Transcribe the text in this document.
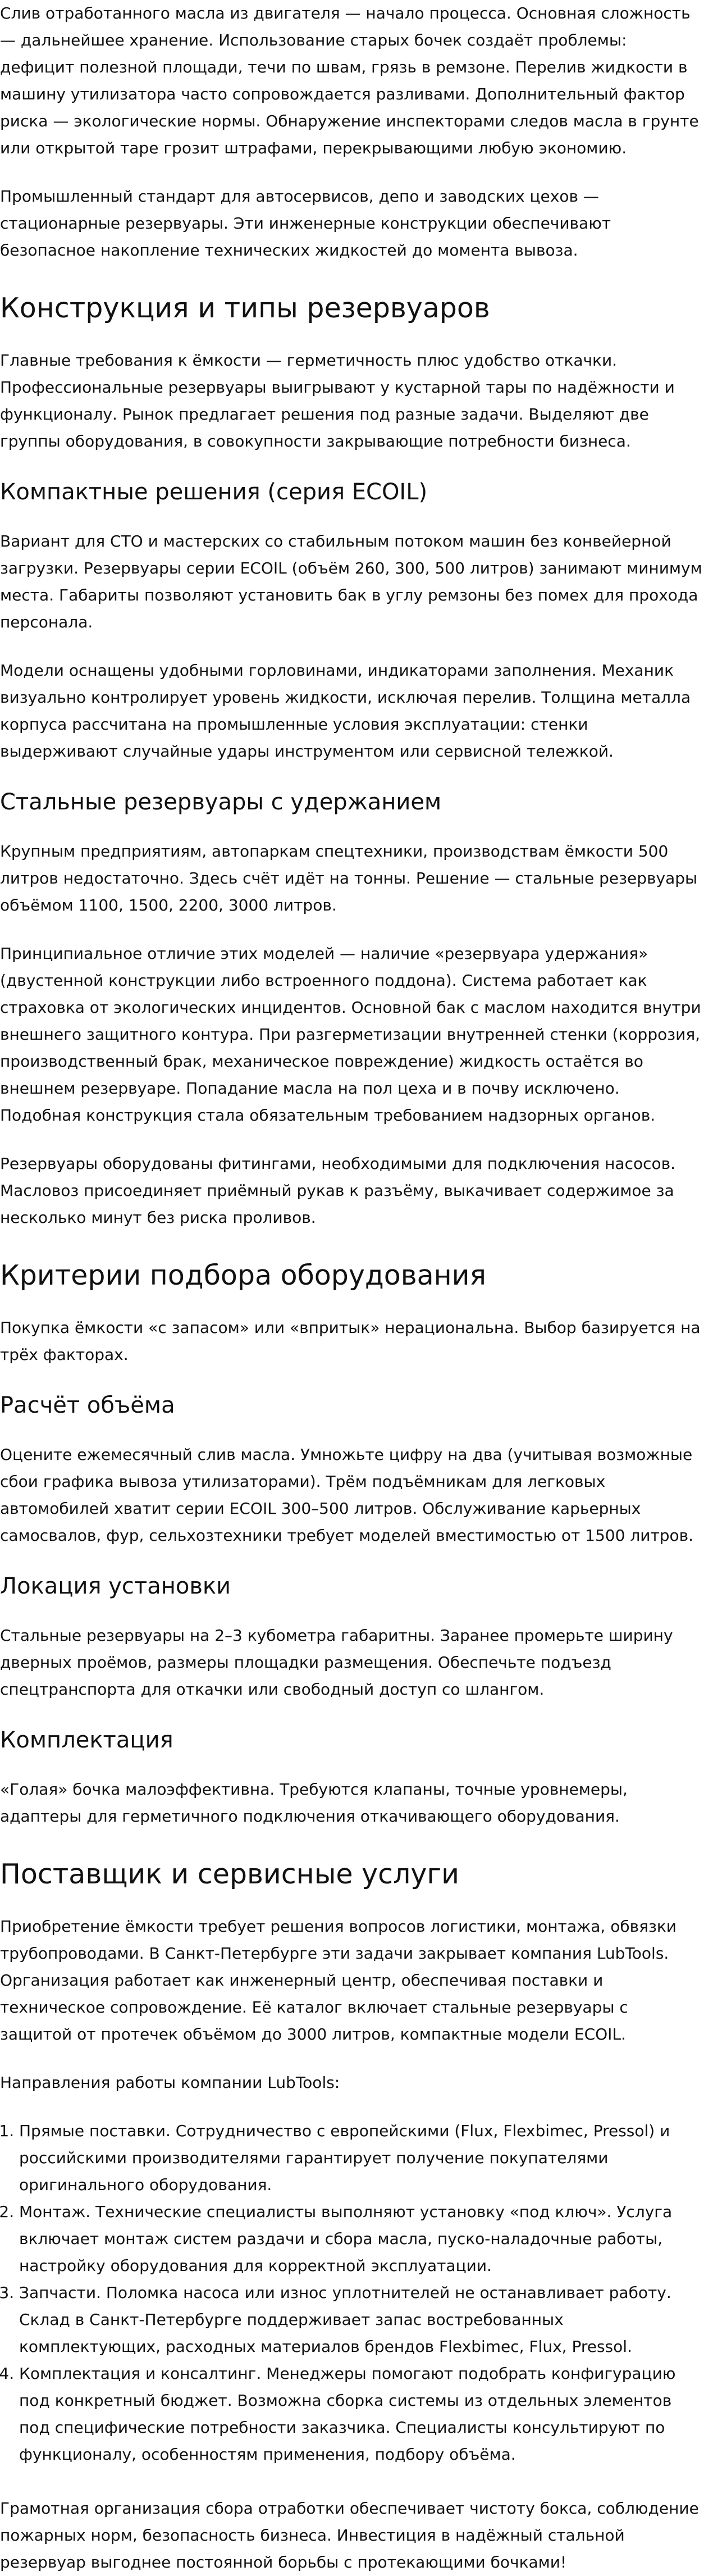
Слив отработанного масла из двигателя — начало процесса. Основная сложность — дальнейшее хранение. Использование старых бочек создаёт проблемы: дефицит полезной площади, течи по швам, грязь в ремзоне. Перелив жидкости в машину утилизатора часто сопровождается разливами. Дополнительный фактор риска — экологические нормы. Обнаружение инспекторами следов масла в грунте или открытой таре грозит штрафами, перекрывающими любую экономию.

Промышленный стандарт для автосервисов, депо и заводских цехов — стационарные резервуары. Эти инженерные конструкции обеспечивают безопасное накопление технических жидкостей до момента вывоза.

Конструкция и типы резервуаров

Главные требования к ёмкости — герметичность плюс удобство откачки. Профессиональные резервуары выигрывают у кустарной тары по надёжности и функционалу. Рынок предлагает решения под разные задачи. Выделяют две группы оборудования, в совокупности закрывающие потребности бизнеса.

Компактные решения (серия ECOIL)

Вариант для СТО и мастерских со стабильным потоком машин без конвейерной загрузки. Резервуары серии ECOIL (объём 260, 300, 500 литров) занимают минимум места. Габариты позволяют установить бак в углу ремзоны без помех для прохода персонала.

Модели оснащены удобными горловинами, индикаторами заполнения. Механик визуально контролирует уровень жидкости, исключая перелив. Толщина металла корпуса рассчитана на промышленные условия эксплуатации: стенки выдерживают случайные удары инструментом или сервисной тележкой.

Стальные резервуары с удержанием

Крупным предприятиям, автопаркам спецтехники, производствам ёмкости 500 литров недостаточно. Здесь счёт идёт на тонны. Решение — стальные резервуары объёмом 1100, 1500, 2200, 3000 литров.

Принципиальное отличие этих моделей — наличие «резервуара удержания» (двустенной конструкции либо встроенного поддона). Система работает как страховка от экологических инцидентов. Основной бак с маслом находится внутри внешнего защитного контура. При разгерметизации внутренней стенки (коррозия, производственный брак, механическое повреждение) жидкость остаётся во внешнем резервуаре. Попадание масла на пол цеха и в почву исключено. Подобная конструкция стала обязательным требованием надзорных органов.

Резервуары оборудованы фитингами, необходимыми для подключения насосов. Масловоз присоединяет приёмный рукав к разъёму, выкачивает содержимое за несколько минут без риска проливов.

Критерии подбора оборудования

Покупка ёмкости «с запасом» или «впритык» нерациональна. Выбор базируется на трёх факторах.

Расчёт объёма

Оцените ежемесячный слив масла. Умножьте цифру на два (учитывая возможные сбои графика вывоза утилизаторами). Трём подъёмникам для легковых автомобилей хватит серии ECOIL 300–500 литров. Обслуживание карьерных самосвалов, фур, сельхозтехники требует моделей вместимостью от 1500 литров.

Локация установки

Стальные резервуары на 2–3 кубометра габаритны. Заранее промерьте ширину дверных проёмов, размеры площадки размещения. Обеспечьте подъезд спецтранспорта для откачки или свободный доступ со шлангом.

Комплектация

«Голая» бочка малоэффективна. Требуются клапаны, точные уровнемеры, адаптеры для герметичного подключения откачивающего оборудования.

Поставщик и сервисные услуги

Приобретение ёмкости требует решения вопросов логистики, монтажа, обвязки трубопроводами. В Санкт-Петербурге эти задачи закрывает компания LubTools. Организация работает как инженерный центр, обеспечивая поставки и техническое сопровождение. Её каталог включает стальные резервуары с защитой от протечек объёмом до 3000 литров, компактные модели ECOIL.

Направления работы компании LubTools:

1. Прямые поставки. Сотрудничество с европейскими (Flux, Flexbimec, Pressol) и российскими производителями гарантирует получение покупателями оригинального оборудования.
2. Монтаж. Технические специалисты выполняют установку «под ключ». Услуга включает монтаж систем раздачи и сбора масла, пуско-наладочные работы, настройку оборудования для корректной эксплуатации.
3. Запчасти. Поломка насоса или износ уплотнителей не останавливает работу. Склад в Санкт-Петербурге поддерживает запас востребованных комплектующих, расходных материалов брендов Flexbimec, Flux, Pressol.
4. Комплектация и консалтинг. Менеджеры помогают подобрать конфигурацию под конкретный бюджет. Возможна сборка системы из отдельных элементов под специфические потребности заказчика. Специалисты консультируют по функционалу, особенностям применения, подбору объёма.

Грамотная организация сбора отработки обеспечивает чистоту бокса, соблюдение пожарных норм, безопасность бизнеса. Инвестиция в надёжный стальной резервуар выгоднее постоянной борьбы с протекающими бочками!
